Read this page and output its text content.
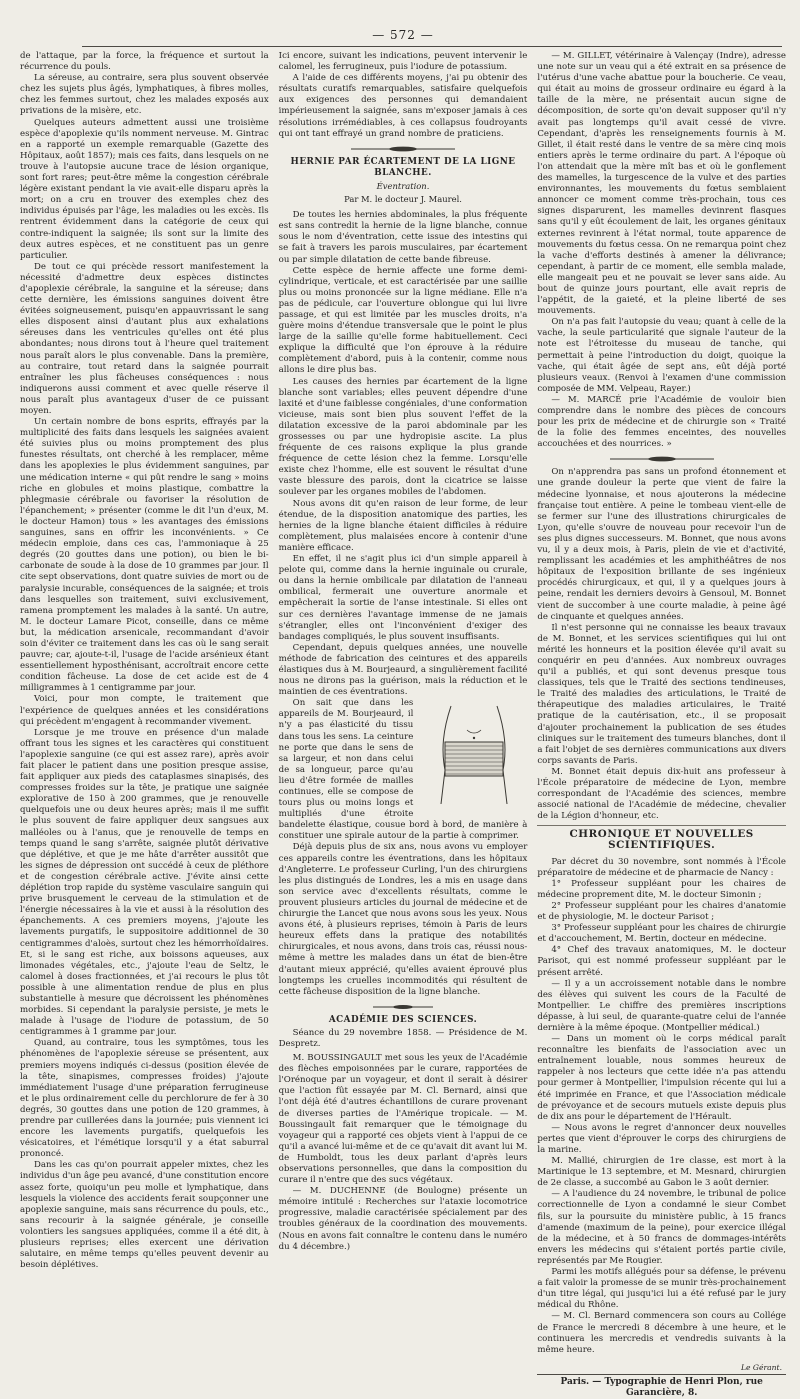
— 572 —

de l'attaque, par la force, la fréquence et surtout la récurrence du pouls.

La séreuse, au contraire, sera plus souvent observée chez les sujets plus âgés, lymphatiques, à fibres molles, chez les femmes surtout, chez les malades exposés aux privations de la misère, etc.

Quelques auteurs admettent aussi une troisième espèce d'apoplexie qu'ils nomment nerveuse. M. Gintrac en a rapporté un exemple remarquable (Gazette des Hôpitaux, août 1857); mais ces faits, dans lesquels on ne trouve à l'autopsie aucune trace de lésion organique, sont fort rares; peut-être même la congestion cérébrale légère existant pendant la vie avait-elle disparu après la mort; on a cru en trouver des exemples chez des individus épuisés par l'âge, les maladies ou les excès. Ils rentrent évidemment dans la catégorie de ceux qui contre-indiquent la saignée; ils sont sur la limite des deux autres espèces, et ne constituent pas un genre particulier.

De tout ce qui précède ressort manifestement la nécessité d'admettre deux espèces distinctes d'apoplexie cérébrale, la sanguine et la séreuse; dans cette dernière, les émissions sanguines doivent être évitées soigneusement, puisqu'en appauvrissant le sang elles disposent ainsi d'autant plus aux exhalations séreuses dans les ventricules qu'elles ont été plus abondantes; nous dirons tout à l'heure quel traitement nous paraît alors le plus convenable. Dans la première, au contraire, tout retard dans la saignée pourrait entraîner les plus fâcheuses conséquences : nous indiquerons aussi comment et avec quelle réserve il nous paraît plus avantageux d'user de ce puissant moyen.

Un certain nombre de bons esprits, effrayés par la multiplicité des faits dans lesquels les saignées avaient été suivies plus ou moins promptement des plus funestes résultats, ont cherché à les remplacer, même dans les apoplexies le plus évidemment sanguines, par une médication interne « qui pût rendre le sang » moins riche en globules et moins plastique, combattre la phlegmasie cérébrale ou favoriser la résolution de l'épanchement; » présenter (comme le dit l'un d'eux, M. le docteur Hamon) tous » les avantages des émissions sanguines, sans en offrir les inconvénients. » Ce médecin emploie, dans ces cas, l'ammoniaque à 25 degrés (20 gouttes dans une potion), ou bien le bi-carbonate de soude à la dose de 10 grammes par jour. Il cite sept observations, dont quatre suivies de mort ou de paralysie incurable, conséquences de la saignée; et trois dans lesquelles son traitement, suivi exclusivement, ramena promptement les malades à la santé. Un autre, M. le docteur Lamare Picot, conseille, dans ce même but, la médication arsenicale, recommandant d'avoir soin d'éviter ce traitement dans les cas où le sang serait pauvre; car, ajoute-t-il, l'usage de l'acide arsénieux étant essentiellement hyposthénisant, accroîtrait encore cette condition fâcheuse. La dose de cet acide est de 4 milligrammes à 1 centigramme par jour.

Voici, pour mon compte, le traitement que l'expérience de quelques années et les considérations qui précèdent m'engagent à recommander vivement.

Lorsque je me trouve en présence d'un malade offrant tous les signes et les caractères qui constituent l'apoplexie sanguine (ce qui est assez rare), après avoir fait placer le patient dans une position presque assise, fait appliquer aux pieds des cataplasmes sinapisés, des compresses froides sur la tête, je pratique une saignée explorative de 150 à 200 grammes, que je renouvelle quelquefois une ou deux heures après; mais il me suffit le plus souvent de faire appliquer deux sangsues aux malléoles ou à l'anus, que je renouvelle de temps en temps quand le sang s'arrête, saignée plutôt dérivative que déplétive, et que je me hâte d'arrêter aussitôt que les signes de dépression ont succédé à ceux de pléthore et de congestion cérébrale active. J'évite ainsi cette déplétion trop rapide du système vasculaire sanguin qui prive brusquement le cerveau de la stimulation et de l'énergie nécessaires à la vie et aussi à la résolution des épanchements. A ces premiers moyens, j'ajoute les lavements purgatifs, le suppositoire additionnel de 30 centigrammes d'aloès, surtout chez les hémorrhoïdaires. Et, si le sang est riche, aux boissons aqueuses, aux limonades végétales, etc., j'ajoute l'eau de Seltz, le calomel à doses fractionnées, et j'ai recours le plus tôt possible à une alimentation rendue de plus en plus substantielle à mesure que décroissent les phénomènes morbides. Si cependant la paralysie persiste, je mets le malade à l'usage de l'iodure de potassium, de 50 centigrammes à 1 gramme par jour.

Quand, au contraire, tous les symptômes, tous les phénomènes de l'apoplexie séreuse se présentent, aux premiers moyens indiqués ci-dessus (position élevée de la tête, sinapismes, compresses froides) j'ajoute immédiatement l'usage d'une préparation ferrugineuse et le plus ordinairement celle du perchlorure de fer à 30 degrés, 30 gouttes dans une potion de 120 grammes, à prendre par cuillerées dans la journée; puis viennent ici encore les lavements purgatifs, quelquefois les vésicatoires, et l'émétique lorsqu'il y a état saburral prononcé.

Dans les cas qu'on pourrait appeler mixtes, chez les individus d'un âge peu avancé, d'une constitution encore assez forte, quoiqu'un peu molle et lymphatique, dans lesquels la violence des accidents ferait soupçonner une apoplexie sanguine, mais sans récurrence du pouls, etc., sans recourir à la saignée générale, je conseille volontiers les sangsues appliquées, comme il a été dit, à plusieurs reprises; elles exercent une dérivation salutaire, en même temps qu'elles peuvent devenir au besoin déplétives.

Ici encore, suivant les indications, peuvent intervenir le calomel, les ferrugineux, puis l'iodure de potassium.

A l'aide de ces différents moyens, j'ai pu obtenir des résultats curatifs remarquables, satisfaire quelquefois aux exigences des personnes qui demandaient impérieusement la saignée, sans m'exposer jamais à ces résolutions irrémédiables, à ces collapsus foudroyants qui ont tant effrayé un grand nombre de praticiens.

HERNIE PAR ÉCARTEMENT DE LA LIGNE BLANCHE.
Éventration.
Par M. le docteur J. Maurel.

De toutes les hernies abdominales, la plus fréquente est sans contredit la hernie de la ligne blanche, connue sous le nom d'éventration, cette issue des intestins qui se fait à travers les parois musculaires, par écartement ou par simple dilatation de cette bande fibreuse.

Cette espèce de hernie affecte une forme demi-cylindrique, verticale, et est caractérisée par une saillie plus ou moins prononcée sur la ligne médiane. Elle n'a pas de pédicule, car l'ouverture oblongue qui lui livre passage, et qui est limitée par les muscles droits, n'a guère moins d'étendue transversale que le point le plus large de la saillie qu'elle forme habituellement. Ceci explique la difficulté que l'on éprouve à la réduire complètement d'abord, puis à la contenir, comme nous allons le dire plus bas.

Les causes des hernies par écartement de la ligne blanche sont variables; elles peuvent dépendre d'une laxité et d'une faiblesse congéniales, d'une conformation vicieuse, mais sont bien plus souvent l'effet de la dilatation excessive de la paroi abdominale par les grossesses ou par une hydropisie ascite. La plus fréquente de ces raisons explique la plus grande fréquence de cette lésion chez la femme. Lorsqu'elle existe chez l'homme, elle est souvent le résultat d'une vaste blessure des parois, dont la cicatrice se laisse soulever par les organes mobiles de l'abdomen.

Nous avons dit qu'en raison de leur forme, de leur étendue, de la disposition anatomique des parties, les hernies de la ligne blanche étaient difficiles à réduire complètement, plus malaisées encore à contenir d'une manière efficace.

En effet, il ne s'agit plus ici d'un simple appareil à pelote qui, comme dans la hernie inguinale ou crurale, ou dans la hernie ombilicale par dilatation de l'anneau ombilical, fermerait une ouverture anormale et empêcherait la sortie de l'anse intestinale. Si elles ont sur ces dernières l'avantage immense de ne jamais s'étrangler, elles ont l'inconvénient d'exiger des bandages compliqués, le plus souvent insuffisants.

Cependant, depuis quelques années, une nouvelle méthode de fabrication des ceintures et des appareils élastiques dus à M. Bourjeaurd, a singulièrement facilité nous ne dirons pas la guérison, mais la réduction et le maintien de ces éventrations.

On sait que dans les appareils de M. Bourjeaurd, il n'y a pas élasticité du tissu dans tous les sens. La ceinture ne porte que dans le sens de sa largeur, et non dans celui de sa longueur, parce qu'au lieu d'être formée de mailles continues, elle se compose de tours plus ou moins longs et multipliés d'une étroite bandelette élastique, cousue bord à bord, de manière à constituer une spirale autour de la partie à comprimer.

Déjà depuis plus de six ans, nous avons vu employer ces appareils contre les éventrations, dans les hôpitaux d'Angleterre. Le professeur Curling, l'un des chirurgiens les plus distingués de Londres, les a mis en usage dans son service avec d'excellents résultats, comme le prouvent plusieurs articles du journal de médecine et de chirurgie the Lancet que nous avons sous les yeux. Nous avons été, à plusieurs reprises, témoin à Paris de leurs heureux effets dans la pratique des notabilités chirurgicales, et nous avons, dans trois cas, réussi nous-même à mettre les malades dans un état de bien-être d'autant mieux apprécié, qu'elles avaient éprouvé plus longtemps les cruelles incommodités qui résultent de cette fâcheuse disposition de la ligne blanche.

ACADÉMIE DES SCIENCES.

Séance du 29 novembre 1858. — Présidence de M. Despretz.

M. BOUSSINGAULT met sous les yeux de l'Académie des flèches empoisonnées par le curare, rapportées de l'Orénoque par un voyageur, et dont il serait à désirer que l'action fût essayée par M. Cl. Bernard, ainsi que l'ont déjà été d'autres échantillons de curare provenant de diverses parties de l'Amérique tropicale. — M. Boussingault fait remarquer que le témoignage du voyageur qui a rapporté ces objets vient à l'appui de ce qu'il a avancé lui-même et de ce qu'avait dit avant lui M. de Humboldt, tous les deux parlant d'après leurs observations personnelles, que dans la composition du curare il n'entre que des sucs végétaux.

— M. DUCHENNE (de Boulogne) présente un mémoire intitulé : Recherches sur l'ataxie locomotrice progressive, maladie caractérisée spécialement par des troubles généraux de la coordination des mouvements. (Nous en avons fait connaître le contenu dans le numéro du 4 décembre.)

— M. GILLET, vétérinaire à Valençay (Indre), adresse une note sur un veau qui a été extrait en sa présence de l'utérus d'une vache abattue pour la boucherie. Ce veau, qui était au moins de grosseur ordinaire eu égard à la taille de la mère, ne présentait aucun signe de décomposition, de sorte qu'on devait supposer qu'il n'y avait pas longtemps qu'il avait cessé de vivre. Cependant, d'après les renseignements fournis à M. Gillet, il était resté dans le ventre de sa mère cinq mois entiers après le terme ordinaire du part. A l'époque où l'on attendait que la mère mît bas et où le gonflement des mamelles, la turgescence de la vulve et des parties environnantes, les mouvements du fœtus semblaient annoncer ce moment comme très-prochain, tous ces signes disparurent, les mamelles devinrent flasques sans qu'il y eût écoulement de lait, les organes génitaux externes revinrent à l'état normal, toute apparence de mouvements du fœtus cessa. On ne remarqua point chez la vache d'efforts destinés à amener la délivrance; cependant, à partir de ce moment, elle sembla malade, elle mangeait peu et ne pouvait se lever sans aide. Au bout de quinze jours pourtant, elle avait repris de l'appétit, de la gaieté, et la pleine liberté de ses mouvements.

On n'a pas fait l'autopsie du veau; quant à celle de la vache, la seule particularité que signale l'auteur de la note est l'étroitesse du museau de tanche, qui permettait à peine l'introduction du doigt, quoique la vache, qui était âgée de sept ans, eût déjà porté plusieurs veaux. (Renvoi à l'examen d'une commission composée de MM. Velpeau, Rayer.)

— M. MARCÉ prie l'Académie de vouloir bien comprendre dans le nombre des pièces de concours pour les prix de médecine et de chirurgie son « Traité de la folie des femmes enceintes, des nouvelles accouchées et des nourrices. »

On n'apprendra pas sans un profond étonnement et une grande douleur la perte que vient de faire la médecine lyonnaise, et nous ajouterons la médecine française tout entière. A peine le tombeau vient-elle de se fermer sur l'une des illustrations chirurgicales de Lyon, qu'elle s'ouvre de nouveau pour recevoir l'un de ses plus dignes successeurs. M. Bonnet, que nous avons vu, il y a deux mois, à Paris, plein de vie et d'activité, remplissant les académies et les amphithéâtres de nos hôpitaux de l'exposition brillante de ses ingénieux procédés chirurgicaux, et qui, il y a quelques jours à peine, rendait les derniers devoirs à Gensoul, M. Bonnet vient de succomber à une courte maladie, à peine âgé de cinquante et quelques années.

Il n'est personne qui ne connaisse les beaux travaux de M. Bonnet, et les services scientifiques qui lui ont mérité les honneurs et la position élevée qu'il avait su conquérir en peu d'années. Aux nombreux ouvrages qu'il a publiés, et qui sont devenus presque tous classiques, tels que le Traité des sections tendineuses, le Traité des maladies des articulations, le Traité de thérapeutique des maladies articulaires, le Traité pratique de la cautérisation, etc., il se proposait d'ajouter prochainement la publication de ses études cliniques sur le traitement des tumeurs blanches, dont il a fait l'objet de ses dernières communications aux divers corps savants de Paris.

M. Bonnet était depuis dix-huit ans professeur à l'École préparatoire de médecine de Lyon, membre correspondant de l'Académie des sciences, membre associé national de l'Académie de médecine, chevalier de la Légion d'honneur, etc.

CHRONIQUE ET NOUVELLES SCIENTIFIQUES.

Par décret du 30 novembre, sont nommés à l'École préparatoire de médecine et de pharmacie de Nancy :

1° Professeur suppléant pour les chaires de médecine proprement dite, M. le docteur Simonin ;

2° Professeur suppléant pour les chaires d'anatomie et de physiologie, M. le docteur Parisot ;

3° Professeur suppléant pour les chaires de chirurgie et d'accouchement, M. Bertin, docteur en médecine.

4° Chef des travaux anatomiques, M. le docteur Parisot, qui est nommé professeur suppléant par le présent arrêté.

— Il y a un accroissement notable dans le nombre des élèves qui suivent les cours de la Faculté de Montpellier. Le chiffre des premières inscriptions dépasse, à lui seul, de quarante-quatre celui de l'année dernière à la même époque. (Montpellier médical.)

— Dans un moment où le corps médical paraît reconnaître les bienfaits de l'association avec un entraînement louable, nous sommes heureux de rappeler à nos lecteurs que cette idée n'a pas attendu pour germer à Montpellier, l'impulsion récente qui lui a été imprimée en France, et que l'Association médicale de prévoyance et de secours mutuels existe depuis plus de dix ans pour le département de l'Hérault.

— Nous avons le regret d'annoncer deux nouvelles pertes que vient d'éprouver le corps des chirurgiens de la marine.

M. Mallié, chirurgien de 1re classe, est mort à la Martinique le 13 septembre, et M. Mesnard, chirurgien de 2e classe, a succombé au Gabon le 3 août dernier.

— A l'audience du 24 novembre, le tribunal de police correctionnelle de Lyon a condamné le sieur Combet fils, sur la poursuite du ministère public, à 15 francs d'amende (maximum de la peine), pour exercice illégal de la médecine, et à 50 francs de dommages-intérêts envers les médecins qui s'étaient portés partie civile, représentés par Me Rougier.

Parmi les motifs allégués pour sa défense, le prévenu a fait valoir la promesse de se munir très-prochainement d'un titre légal, qui jusqu'ici lui a été refusé par le jury médical du Rhône.

— M. Cl. Bernard commencera son cours au Collége de France le mercredi 8 décembre à une heure, et le continuera les mercredis et vendredis suivants à la même heure.

Le Gérant.
Paris. — Typographie de Henri Plon, rue Garancière, 8.
